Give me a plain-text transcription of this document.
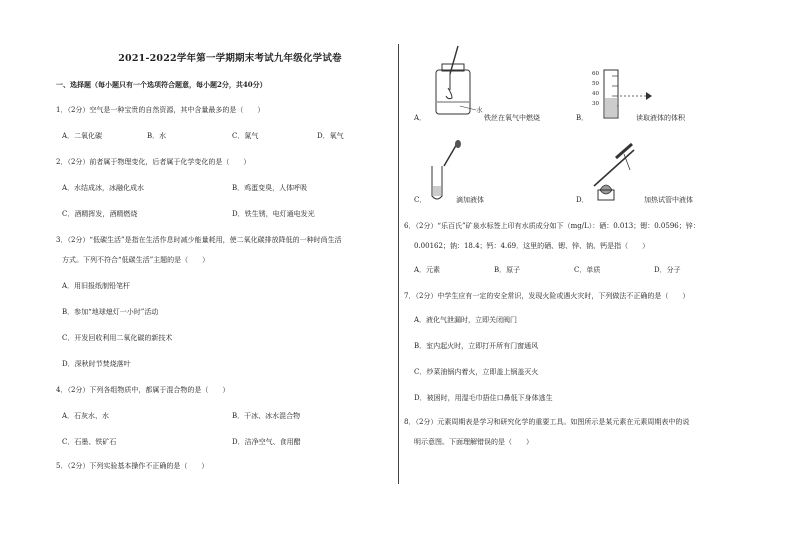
2021-2022学年第一学期期末考试九年级化学试卷
一、选择题（每小题只有一个选项符合题意，每小题2分，共40分）
1．（2分）空气是一种宝贵的自然资源，其中含量最多的是（　　）
A．二氧化碳	B．水	C．氮气	D．氧气
2．（2分）前者属于物理变化，后者属于化学变化的是（　　）
A．水结成冰，冰融化成水	B．鸡蛋变臭，人体呼吸
C．酒精挥发，酒精燃烧	D．铁生锈，电灯通电发光
3．（2分）“低碳生活”是指在生活作息时减少能量耗用，使二氧化碳排放降低的一种时尚生活
方式。下列不符合“低碳生活”主题的是（　　）
A．用旧报纸制铅笔杆
B．参加“地球熄灯一小时”活动
C．开发回收利用二氧化碳的新技术
D．深秋时节焚烧落叶
4．（2分）下列各组物质中，都属于混合物的是（　　）
A．石灰水、水	B．干冰、冰水混合物
C．石墨、铁矿石	D．洁净空气、食用醋
5．（2分）下列实验基本操作不正确的是（　　）
A．
水
铁丝在氧气中燃烧	B．
60
50
40
30
读取液体的体积
C．	滴加液体	D．	加热试管中液体
6．（2分）“乐百氏”矿泉水标签上印有水质成分如下（mg/L）：硒：0.013；锶：0.0596；锌：
0.00162；钠：18.4；钙：4.69．这里的硒、锶、锌、钠、钙是指（　　）
A．元素	B．原子	C．单质	D．分子
7．（2分）中学生应有一定的安全常识，发现火险或遇火灾时，下列做法不正确的是（　　）
A．液化气泄漏时，立即关闭阀门
B．室内起火时，立即打开所有门窗通风
C．炒菜油锅内着火，立即盖上锅盖灭火
D．被困时，用湿毛巾捂住口鼻低下身体逃生
8．（2分）元素周期表是学习和研究化学的重要工具。如图所示是某元素在元素周期表中的说
明示意图。下面理解错误的是（　　）
